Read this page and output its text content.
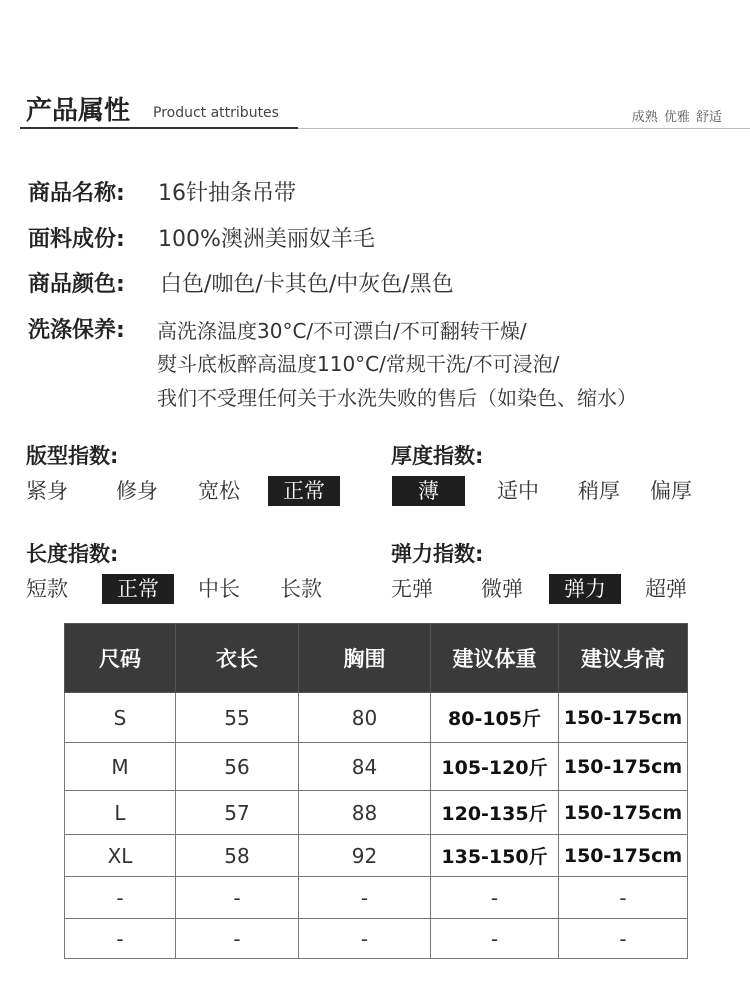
产品属性 Product attributes	成熟 优雅 舒适
商品名称: 16针抽条吊带
面料成份: 100%澳洲美丽奴羊毛
商品颜色: 白色/咖色/卡其色/中灰色/黑色
洗涤保养: 高洗涤温度30°C/不可漂白/不可翻转干燥/
熨斗底板醉高温度110°C/常规干洗/不可浸泡/
我们不受理任何关于水洗失败的售后（如染色、缩水）
版型指数:
紧身 修身 宽松	正常
厚度指数:
薄	适中 稍厚 偏厚
长度指数:
短款	正常	中长 长款
弹力指数:
无弹 微弹	弹力	超弹
尺码	衣长	胸围	建议体重	建议身高
S	55	80	80-105斤	150-175cm
M	56	84	105-120斤	150-175cm
L	57	88	120-135斤	150-175cm
XL	58	92	135-150斤	150-175cm
-	-	-	-	-
-	-	-	-	-
